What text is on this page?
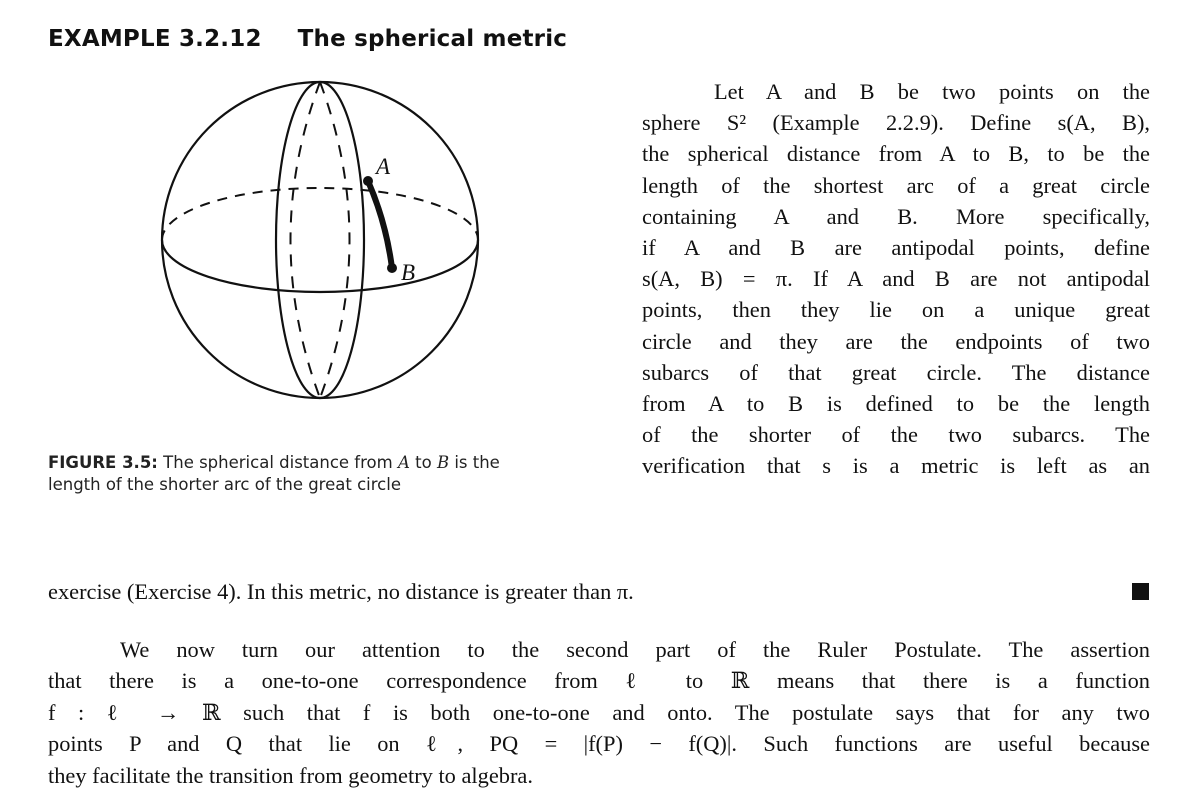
EXAMPLE 3.2.12 The spherical metric
A
B
FIGURE 3.5: The spherical distance from A to B is the
length of the shorter arc of the great circle
Let A and B be two points on the
sphere S² (Example 2.2.9). Define s(A, B),
the spherical distance from A to B, to be the
length of the shortest arc of a great circle
containing A and B. More specifically,
if A and B are antipodal points, define
s(A, B) = π. If A and B are not antipodal
points, then they lie on a unique great
circle and they are the endpoints of two
subarcs of that great circle. The distance
from A to B is defined to be the length
of the shorter of the two subarcs. The
verification that s is a metric is left as an
exercise (Exercise 4). In this metric, no distance is greater than π.
We now turn our attention to the second part of the Ruler Postulate. The assertion
that there is a one-to-one correspondence from ℓ to ℝ means that there is a function
f : ℓ → ℝ such that f is both one-to-one and onto. The postulate says that for any two
points P and Q that lie on ℓ, PQ = |f(P) − f(Q)|. Such functions are useful because
they facilitate the transition from geometry to algebra.
